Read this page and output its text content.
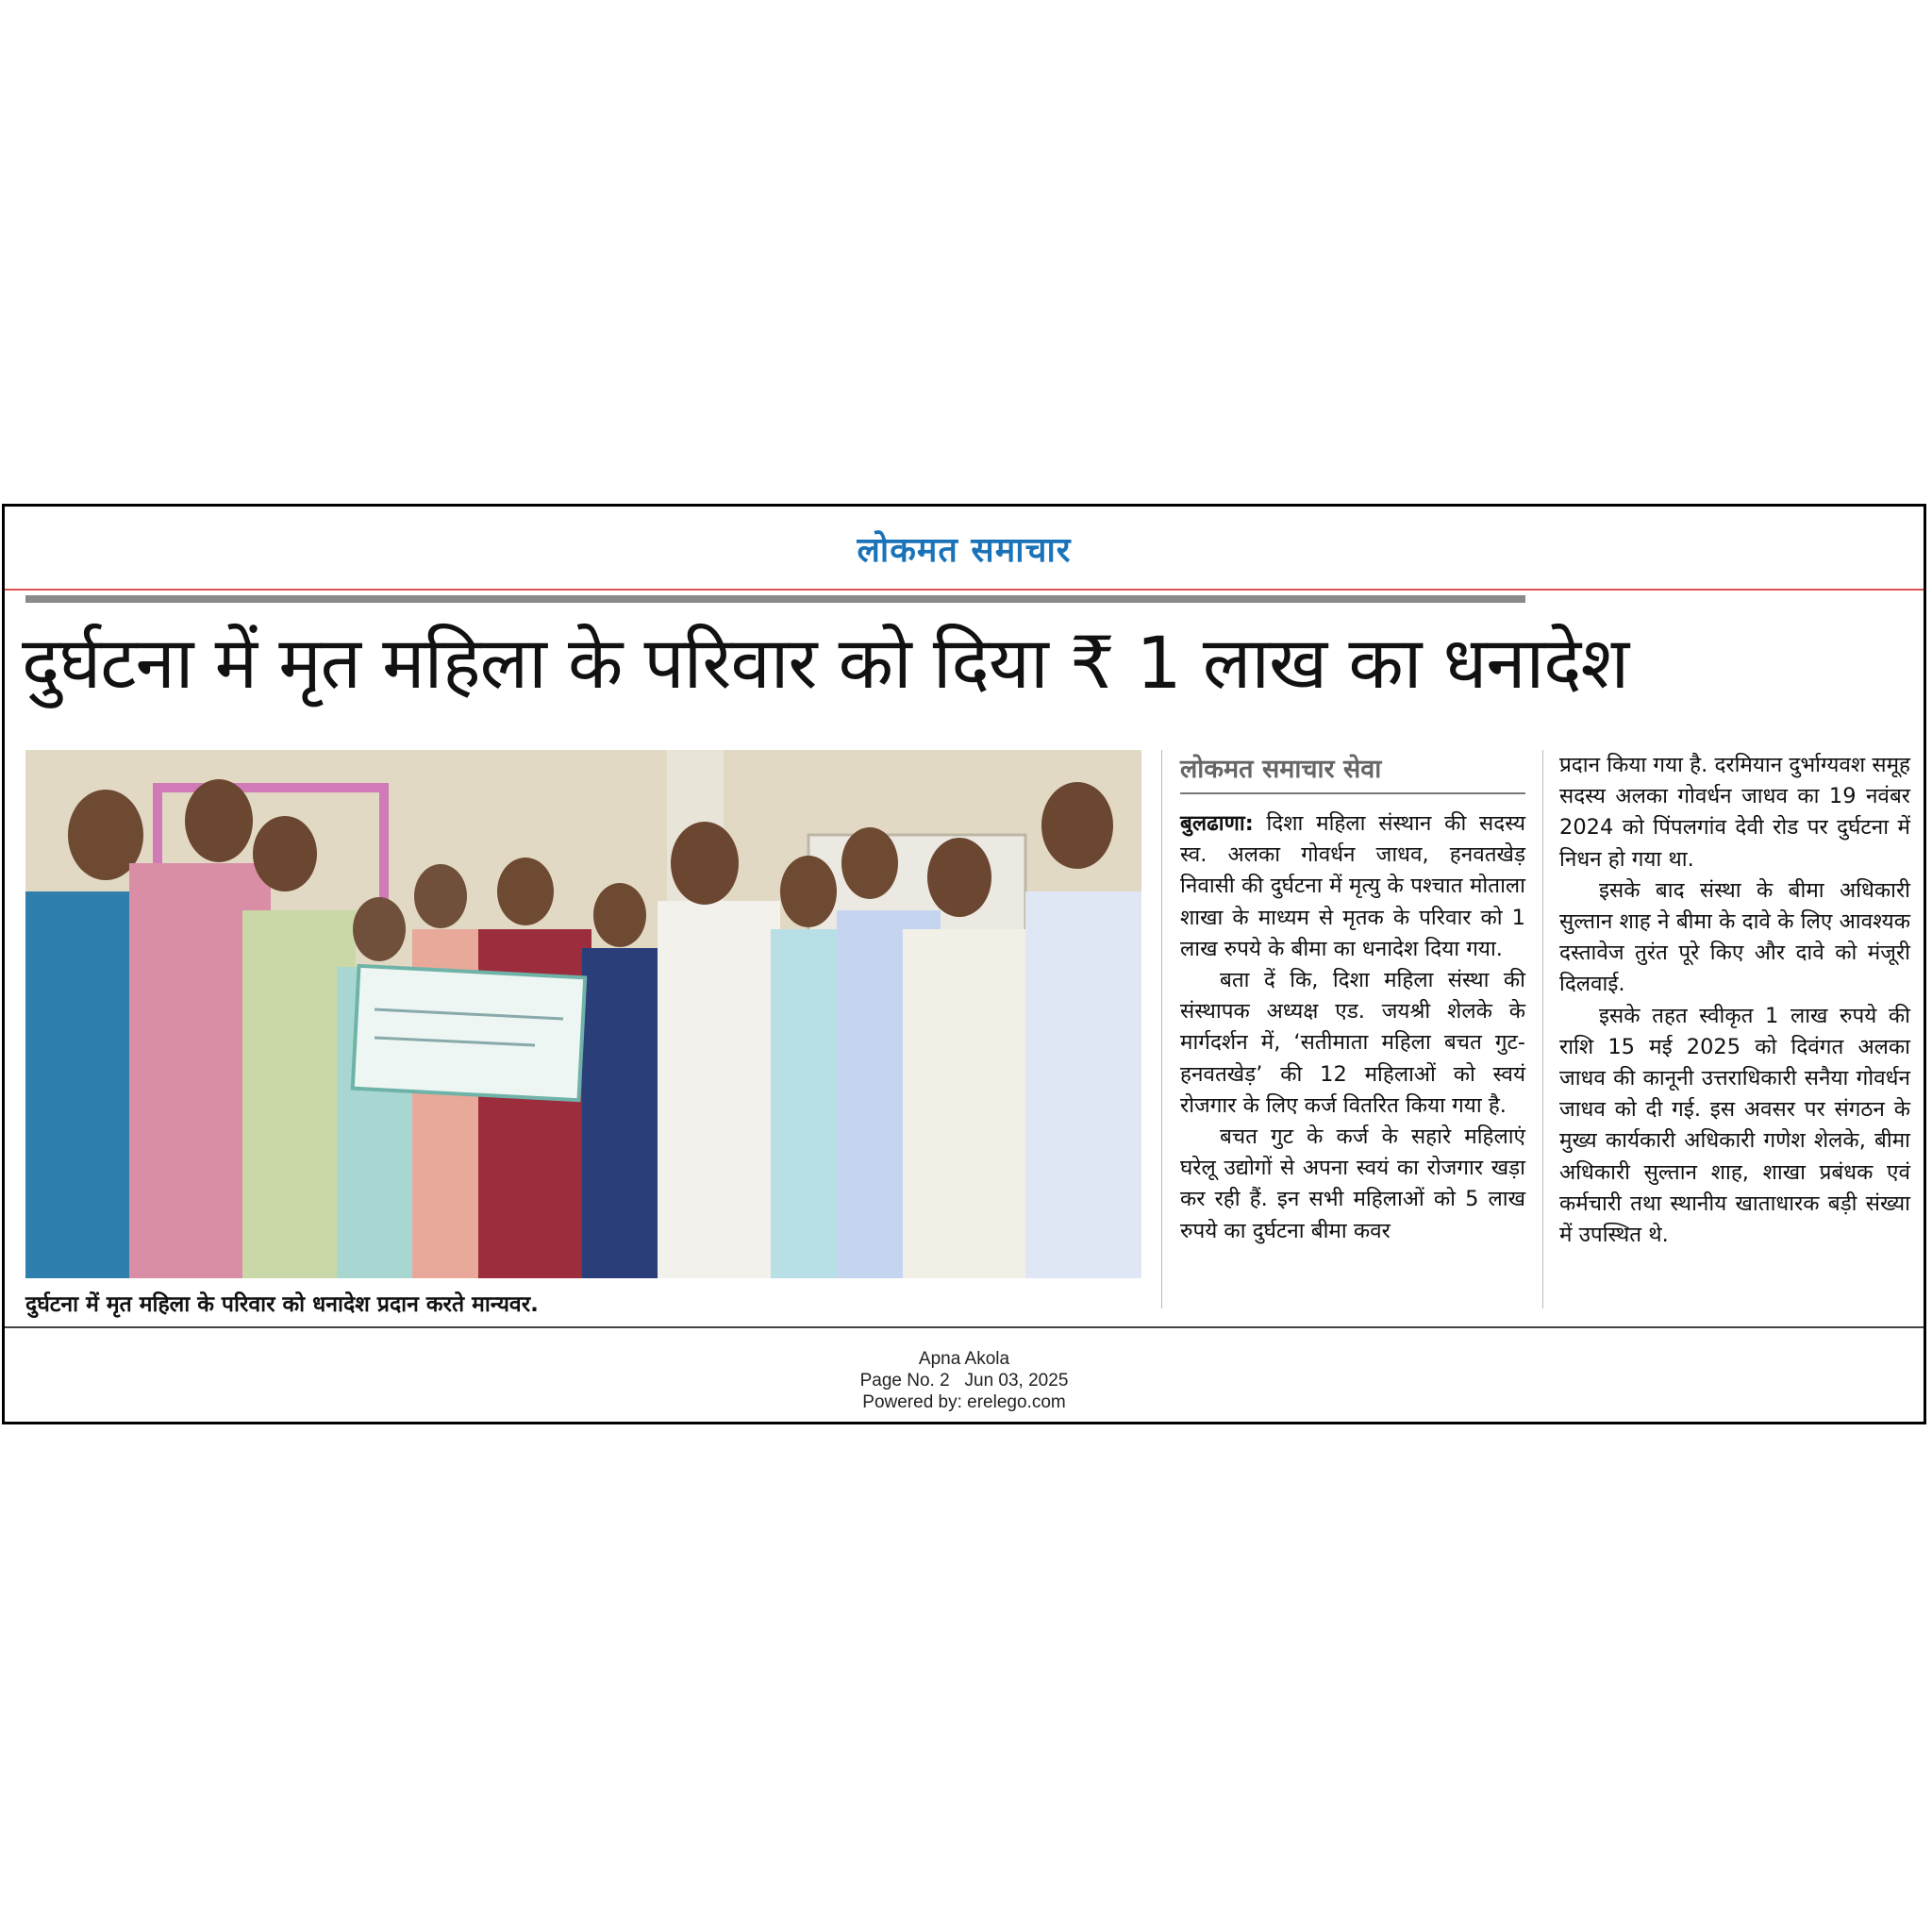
लोकमत समाचार
दुर्घटना में मृत महिला के परिवार को दिया ₹ 1 लाख का धनादेश
दुर्घटना में मृत महिला के परिवार को धनादेश प्रदान करते मान्यवर.
लोकमत समाचार सेवा

बुलढाणा: दिशा महिला संस्थान की सदस्य स्व. अलका गोवर्धन जाधव, हनवतखेड़ निवासी की दुर्घटना में मृत्यु के पश्चात मोताला शाखा के माध्यम से मृतक के परिवार को 1 लाख रुपये के बीमा का धनादेश दिया गया.

बता दें कि, दिशा महिला संस्था की संस्थापक अध्यक्ष एड. जयश्री शेलके के मार्गदर्शन में, ‘सतीमाता महिला बचत गुट- हनवतखेड़’ की 12 महिलाओं को स्वयं रोजगार के लिए कर्ज वितरित किया गया है.

बचत गुट के कर्ज के सहारे महिलाएं घरेलू उद्योगों से अपना स्वयं का रोजगार खड़ा कर रही हैं. इन सभी महिलाओं को 5 लाख रुपये का दुर्घटना बीमा कवर

प्रदान किया गया है. दरमियान दुर्भाग्यवश समूह सदस्य अलका गोवर्धन जाधव का 19 नवंबर 2024 को पिंपलगांव देवी रोड पर दुर्घटना में निधन हो गया था.

इसके बाद संस्था के बीमा अधिकारी सुल्तान शाह ने बीमा के दावे के लिए आवश्यक दस्तावेज तुरंत पूरे किए और दावे को मंजूरी दिलवाई.

इसके तहत स्वीकृत 1 लाख रुपये की राशि 15 मई 2025 को दिवंगत अलका जाधव की कानूनी उत्तराधिकारी सनैया गोवर्धन जाधव को दी गई. इस अवसर पर संगठन के मुख्य कार्यकारी अधिकारी गणेश शेलके, बीमा अधिकारी सुल्तान शाह, शाखा प्रबंधक एवं कर्मचारी तथा स्थानीय खाताधारक बड़ी संख्या में उपस्थित थे.

Apna Akola
Page No. 2   Jun 03, 2025
Powered by: erelego.com
